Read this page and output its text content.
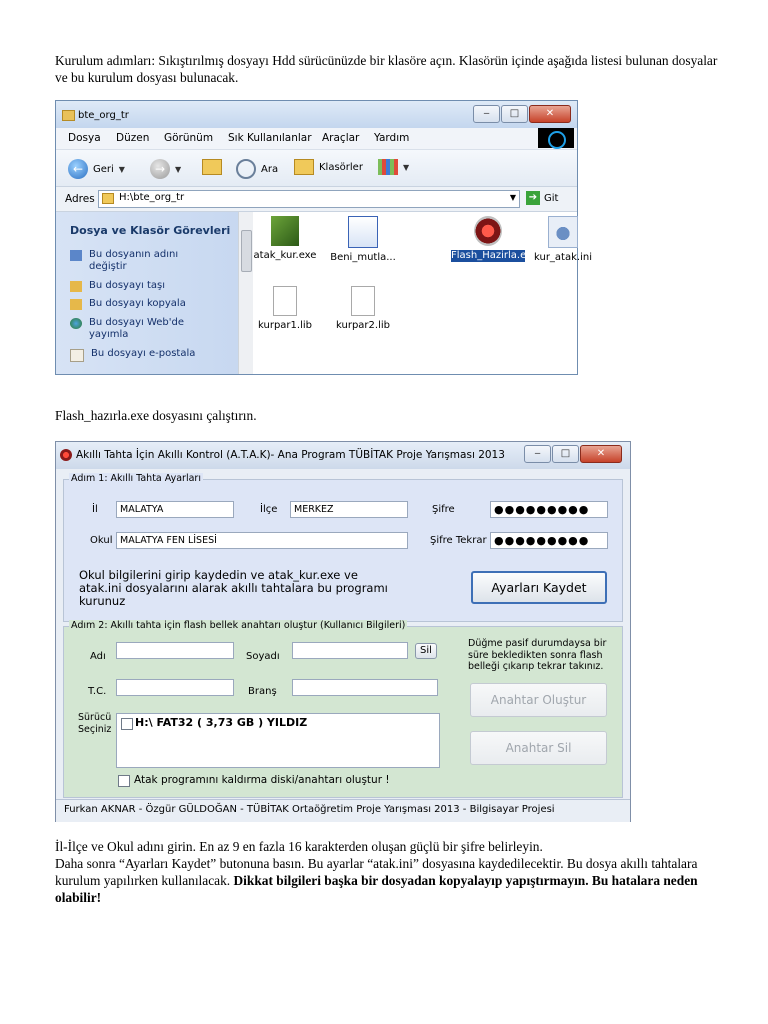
Kurulum adımları: Sıkıştırılmış dosyayı Hdd sürücünüzde bir klasöre açın. Klasörün içinde aşağıda listesi bulunan dosyalar ve bu kurulum dosyası bulunacak.
bte_org_tr	‒	□	✕
Dosya Düzen Görünüm Sık Kullanılanlar Araçlar Yardım
← Geri ▼	→	▼	Ara	Klasörler	▼
Adres H:\bte_org_tr	▼ ➔ Git
Dosya ve Klasör Görevleri
Bu dosyanın adını değiştir
Bu dosyayı taşı
Bu dosyayı kopyala
Bu dosyayı Web'de yayımla
Bu dosyayı e-postala
atak_kur.exe	Beni_mutla...	Flash_Hazirla.exe
kur_atak.ini
kurpar1.lib	kurpar2.lib
Flash_hazırla.exe dosyasını çalıştırın.
Akıllı Tahta İçin Akıllı Kontrol (A.T.A.K)- Ana Program TÜBİTAK Proje Yarışması 2013	‒	□	✕
Adım 1: Akıllı Tahta Ayarları
İl	MALATYA	İlçe	MERKEZ	Şifre	●●●●●●●●●
Okul MALATYA FEN LİSESİ	Şifre Tekrar ●●●●●●●●●
Okul bilgilerini girip kaydedin ve atak_kur.exe ve atak.ini dosyalarını alarak akıllı tahtalara bu programı kurunuz
Ayarları Kaydet
Adım 2: Akıllı tahta için flash bellek anahtarı oluştur (Kullanıcı Bilgileri)
Adı	Soyadı
Sil
Düğme pasif durumdaysa bir süre bekledikten sonra flash belleği çıkarıp tekrar takınız.
T.C.	Branş
Anahtar Oluştur
Sürücü Seçiniz
H:\ FAT32 ( 3,73 GB ) YILDIZ
Anahtar Sil
Atak programını kaldırma diski/anahtarı oluştur !
Furkan AKNAR - Özgür GÜLDOĞAN - TÜBİTAK Ortaöğretim Proje Yarışması 2013 - Bilgisayar Projesi
İl-İlçe ve Okul adını girin. En az 9 en fazla 16 karakterden oluşan güçlü bir şifre belirleyin.
Daha sonra “Ayarları Kaydet” butonuna basın. Bu ayarlar “atak.ini” dosyasına kaydedilecektir. Bu dosya akıllı tahtalara kurulum yapılırken kullanılacak. Dikkat bilgileri başka bir dosyadan kopyalayıp yapıştırmayın. Bu hatalara neden olabilir!
